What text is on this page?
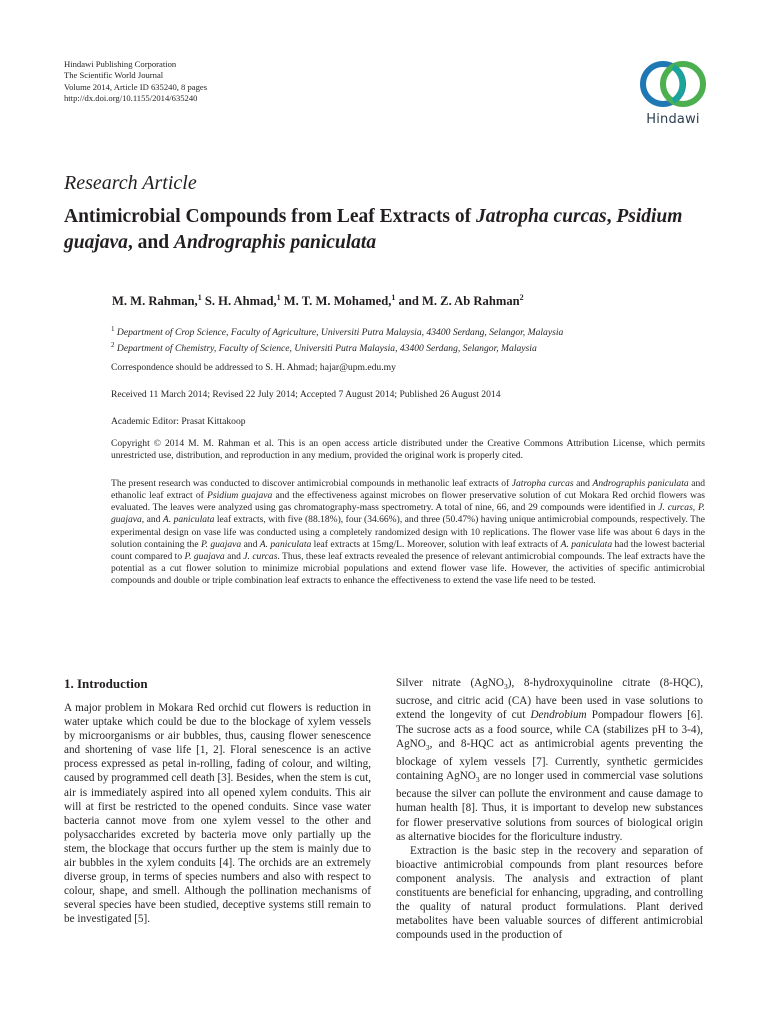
Hindawi Publishing Corporation
The Scientific World Journal
Volume 2014, Article ID 635240, 8 pages
http://dx.doi.org/10.1155/2014/635240
Hindawi
Research Article
Antimicrobial Compounds from Leaf Extracts of Jatropha curcas, Psidium guajava, and Andrographis paniculata
M. M. Rahman,$^1$ S. H. Ahmad,$^1$ M. T. M. Mohamed,$^1$ and M. Z. Ab Rahman$^2$
$^1$ Department of Crop Science, Faculty of Agriculture, Universiti Putra Malaysia, 43400 Serdang, Selangor, Malaysia
$^2$ Department of Chemistry, Faculty of Science, Universiti Putra Malaysia, 43400 Serdang, Selangor, Malaysia
Correspondence should be addressed to S. H. Ahmad; hajar@upm.edu.my
Received 11 March 2014; Revised 22 July 2014; Accepted 7 August 2014; Published 26 August 2014
Academic Editor: Prasat Kittakoop
Copyright © 2014 M. M. Rahman et al. This is an open access article distributed under the Creative Commons Attribution License, which permits unrestricted use, distribution, and reproduction in any medium, provided the original work is properly cited.
The present research was conducted to discover antimicrobial compounds in methanolic leaf extracts of Jatropha curcas and Andrographis paniculata and ethanolic leaf extract of Psidium guajava and the effectiveness against microbes on flower preservative solution of cut Mokara Red orchid flowers was evaluated. The leaves were analyzed using gas chromatography-mass spectrometry. A total of nine, 66, and 29 compounds were identified in J. curcas, P. guajava, and A. paniculata leaf extracts, with five (88.18%), four (34.66%), and three (50.47%) having unique antimicrobial compounds, respectively. The experimental design on vase life was conducted using a completely randomized design with 10 replications. The flower vase life was about 6 days in the solution containing the P. guajava and A. paniculata leaf extracts at 15mg/L. Moreover, solution with leaf extracts of A. paniculata had the lowest bacterial count compared to P. guajava and J. curcas. Thus, these leaf extracts revealed the presence of relevant antimicrobial compounds. The leaf extracts have the potential as a cut flower solution to minimize microbial populations and extend flower vase life. However, the activities of specific antimicrobial compounds and double or triple combination leaf extracts to enhance the effectiveness to extend the vase life need to be tested.
1. Introduction

A major problem in Mokara Red orchid cut flowers is reduction in water uptake which could be due to the blockage of xylem vessels by microorganisms or air bubbles, thus, causing flower senescence and shortening of vase life [1, 2]. Floral senescence is an active process expressed as petal in-rolling, fading of colour, and wilting, caused by programmed cell death [3]. Besides, when the stem is cut, air is immediately aspired into all opened xylem conduits. This air will at first be restricted to the opened conduits. Since vase water bacteria cannot move from one xylem vessel to the other and polysaccharides excreted by bacteria move only partially up the stem, the blockage that occurs further up the stem is mainly due to air bubbles in the xylem conduits [4]. The orchids are an extremely diverse group, in terms of species numbers and also with respect to colour, shape, and smell. Although the pollination mechanisms of several species have been studied, deceptive systems still remain to be investigated [5].

Silver nitrate (AgNO$_3$), 8-hydroxyquinoline citrate (8-HQC), sucrose, and citric acid (CA) have been used in vase solutions to extend the longevity of cut Dendrobium Pompadour flowers [6]. The sucrose acts as a food source, while CA (stabilizes pH to 3-4), AgNO$_3$, and 8-HQC act as antimicrobial agents preventing the blockage of xylem vessels [7]. Currently, synthetic germicides containing AgNO$_3$ are no longer used in commercial vase solutions because the silver can pollute the environment and cause damage to human health [8]. Thus, it is important to develop new substances for flower preservative solutions from sources of biological origin as alternative biocides for the floriculture industry.

Extraction is the basic step in the recovery and separation of bioactive antimicrobial compounds from plant resources before component analysis. The analysis and extraction of plant constituents are beneficial for enhancing, upgrading, and controlling the quality of natural product formulations. Plant derived metabolites have been valuable sources of different antimicrobial compounds used in the production of
